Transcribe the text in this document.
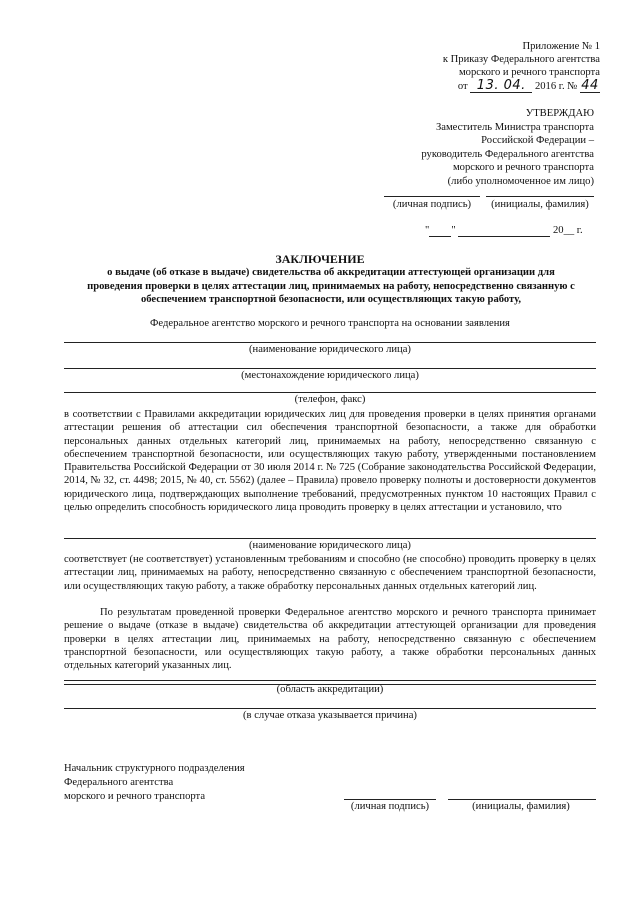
Приложение № 1
к Приказу Федерального агентства
морского и речного транспорта
от 13. 04. 2016 г. № 44
УТВЕРЖДАЮ
Заместитель Министра транспорта
Российской Федерации –
руководитель Федерального агентства
морского и речного транспорта
(либо уполномоченное им лицо)
(личная подпись)	(инициалы, фамилия)
" "	20__ г.
ЗАКЛЮЧЕНИЕ
о выдаче (об отказе в выдаче) свидетельства об аккредитации аттестующей организации для
проведения проверки в целях аттестации лиц, принимаемых на работу, непосредственно связанную с
обеспечением транспортной безопасности, или осуществляющих такую работу,
Федеральное агентство морского и речного транспорта на основании заявления
(наименование юридического лица)
(местонахождение юридического лица)
(телефон, факс)
в соответствии с Правилами аккредитации юридических лиц для проведения проверки в целях принятия органами аттестации решения об аттестации сил обеспечения транспортной безопасности, а также для обработки персональных данных отдельных категорий лиц, принимаемых на работу, непосредственно связанную с обеспечением транспортной безопасности, или осуществляющих такую работу, утвержденными постановлением Правительства Российской Федерации от 30 июля 2014 г. № 725 (Собрание законодательства Российской Федерации, 2014, № 32, ст. 4498; 2015, № 40, ст. 5562) (далее – Правила) провело проверку полноты и достоверности документов юридического лица, подтверждающих выполнение требований, предусмотренных пунктом 10 настоящих Правил с целью определить способность юридического лица проводить проверку в целях аттестации и установило, что
(наименование юридического лица)
соответствует (не соответствует) установленным требованиям и способно (не способно) проводить проверку в целях аттестации лиц, принимаемых на работу, непосредственно связанную с обеспечением транспортной безопасности, или осуществляющих такую работу, а также обработку персональных данных отдельных категорий лиц.
По результатам проведенной проверки Федеральное агентство морского и речного транспорта принимает решение о выдаче (отказе в выдаче) свидетельства об аккредитации аттестующей организации для проведения проверки в целях аттестации лиц, принимаемых на работу, непосредственно связанную с обеспечением транспортной безопасности, или осуществляющих такую работу, а также обработки персональных данных отдельных категорий указанных лиц.
(область аккредитации)
(в случае отказа указывается причина)
Начальник структурного подразделения
Федерального агентства
морского и речного транспорта
(личная подпись)	(инициалы, фамилия)
